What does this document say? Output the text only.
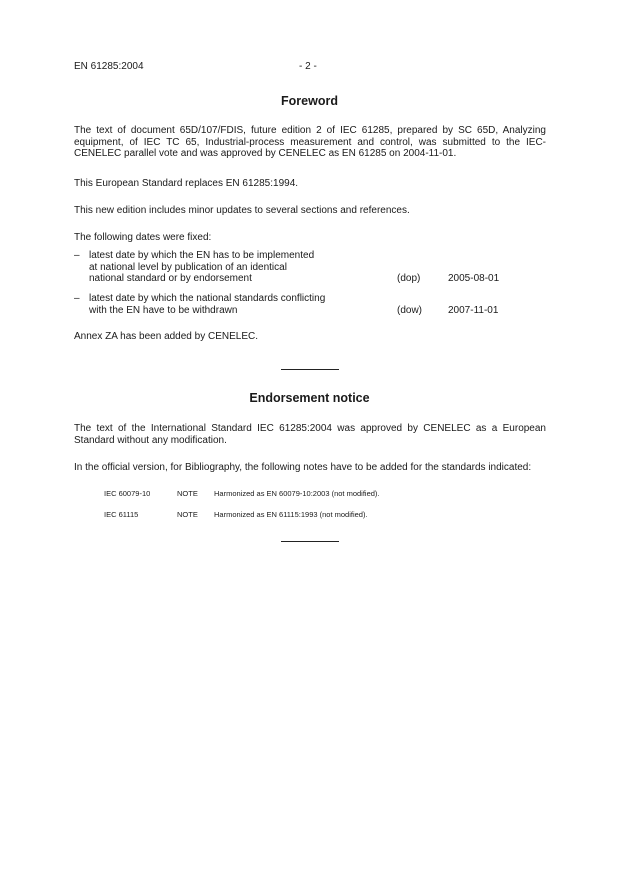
EN 61285:2004	- 2 -
Foreword
The text of document 65D/107/FDIS, future edition 2 of IEC 61285, prepared by SC 65D, Analyzing equipment, of IEC TC 65, Industrial-process measurement and control, was submitted to the IEC-CENELEC parallel vote and was approved by CENELEC as EN 61285 on 2004-11-01.
This European Standard replaces EN 61285:1994.
This new edition includes minor updates to several sections and references.
The following dates were fixed:
– latest date by which the EN has to be implemented
at national level by publication of an identical
national standard or by endorsement	(dop)	2005-08-01
– latest date by which the national standards conflicting
with the EN have to be withdrawn	(dow)	2007-11-01
Annex ZA has been added by CENELEC.
Endorsement notice
The text of the International Standard IEC 61285:2004 was approved by CENELEC as a European Standard without any modification.
In the official version, for Bibliography, the following notes have to be added for the standards indicated:
IEC 60079-10	NOTE Harmonized as EN 60079-10:2003 (not modified).
IEC 61115	NOTE Harmonized as EN 61115:1993 (not modified).
